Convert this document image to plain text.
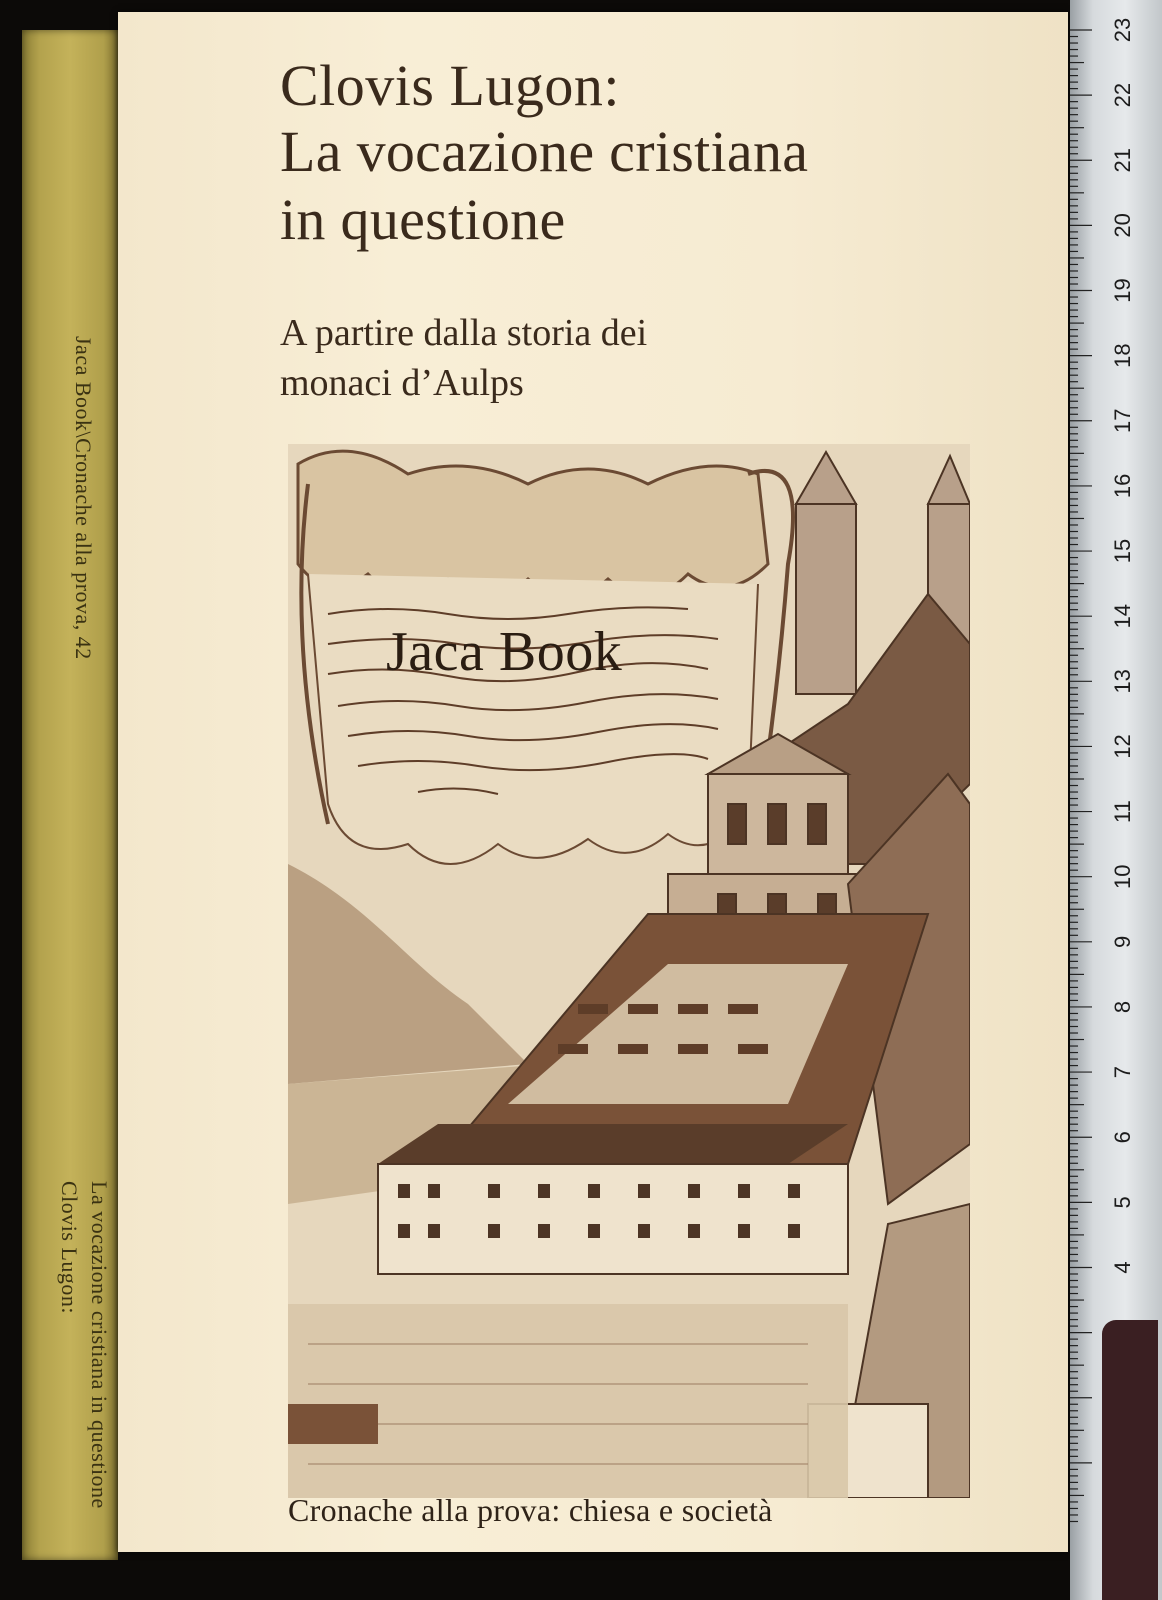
La vocazione cristiana in questione
Clovis Lugon:
Jaca Book\Cronache alla prova, 42
Clovis Lugon:
La vocazione cristiana
in questione
A partire dalla storia dei
monaci d’Aulps
Jaca Book
Cronache alla prova: chiesa e società
23
22
21
20
19
18
17
16
15
14
13
12
11
10
9
8
7
6
5
4
